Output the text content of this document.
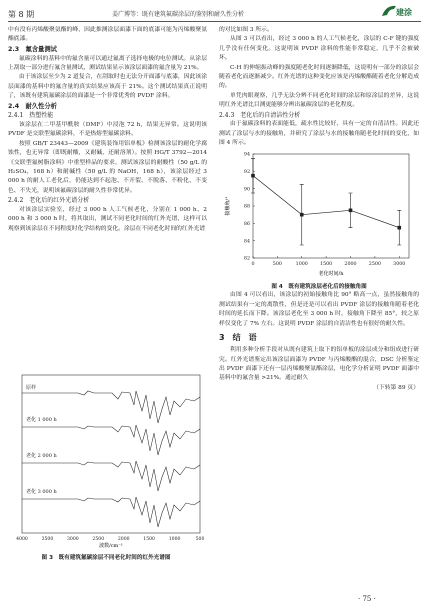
第 8 期	姜广博等：既有建筑氟碳涂层的鉴别和耐久性分析	建涂

中有没有丙烯酸聚氨酯的峰，因此推测涂层面漆下面的底漆可能为丙烯酸聚氨酯底漆。

2.3　氟含量测试

氟碳涂料的基料中的氟含量可以通过氟离子选择电极的电位测试。从涂层上刮取一部分进行氟含量测试，测试结果显示该涂层面漆的氟含量为 21%。

由于该涂层至少为 2 道复合，在刮取时也无法分开面漆与底漆，因此该涂层面漆的基料中的氟含量的真实结果应该高于 21%。这个测试结果真正说明了，该既有建筑氟碳涂层的面漆是一个非常优秀的 PVDF 涂料。

2.4　耐久性分析

2.4.1　热塑性能

该涂层在二甲基甲酰胺（DMF）中浸泡 72 h，结果无异常。这说明该 PVDF 是交联型氟碳涂料，不是热熔型氟碳涂料。

按照 GB/T 23443—2009《建筑装饰用铝单板》检测该涂层的耐化学腐蚀性，也无异常（即既耐酸，又耐碱，还耐溶剂）。按照 HG/T 3792—2014《交联型氟树脂涂料》中重型样品的要求，测试该涂层的耐酸性（50 g/L 的 H₂SO₄，168 h）和耐碱性（50 g/L 的 NaOH，168 h），该涂层经过 3 000 h 的耐人工老化后，仍能达到不起泡、不开裂、不脱落、不粉化、不变色、不失光，说明该氟碳涂层的耐久性非常优异。

2.4.2　老化后的红外光谱分析

对该涂层实验室，经过 3 000 h 人工气候老化，分别在 1 000 h、2 000 h 和 3 000 h 时，将其取出，测试不同老化时间的红外光谱，这样可以观察到该涂层在不同程度时化学结构的变化。涂层在不同老化时间的红外光谱

原样
老化 1 000 h
老化 2 000 h
老化 3 000 h
4000	3500	3000	2500	2000	1500	1000	500
波数/cm⁻¹
图 3　既有建筑氟碳涂层不同老化时间的红外光谱图

的对比如图 3 所示。

从图 3 可以看出，经过 3 000 h 的人工气候老化，涂层的 C-F 键的强度几乎没有任何变化。这说明该 PVDF 涂料的性能非常稳定，几乎不会被破坏。

C-H 的伸缩振动峰的强度随老化时间逐渐降低，这说明有一部分的涂层会随着老化而逐渐减少。红外光谱的这种变化应该是丙烯酸酯随着老化分解造成的。

单凭肉眼观察，几乎无法分辨不同老化时间的涂层和原涂层的差异，这说明红外光谱比目测更能够分辨出氟碳涂层的老化程度。

2.4.3　老化后的自清洁性分析

由于氟碳涂料的表面能低，疏水性比较好，具有一定的自清洁性。因此还测试了涂层与水的接触角，并研究了涂层与水的接触角随老化时间的变化，如图 4 所示。

0	500	1000	1500	2000	2500	3000
82
84
86
88
90
92
94
老化时间/h
接触角/°
图 4　既有建筑涂层老化后的接触角图

由图 4 可以看出，该涂层的初始接触角比 90° 略高一点，虽然接触角的测试结果有一定的离散性，但是还是可以看出 PVDF 涂层的接触角随着老化时间的延长而下降。该涂层老化至 3 000 h 时，接触角下降至 85°，较之原样仅变化了 7% 左右。这说明 PVDF 涂层的自清洁性也有很好的耐久性。

3　结　语

利用多种分析手段对从既有建筑上取下的铝单板的涂层成分和组成进行研究。红外光谱鉴定出该涂层面漆为 PVDF 与丙烯酸酯的混合，DSC 分析鉴定出 PVDF 面漆下还有一层丙烯酸聚氨酯涂层，电化学分析证明 PVDF 面漆中基料中的氟含量 >21%。通过耐久

（下转第 89 页）
· 75 ·
